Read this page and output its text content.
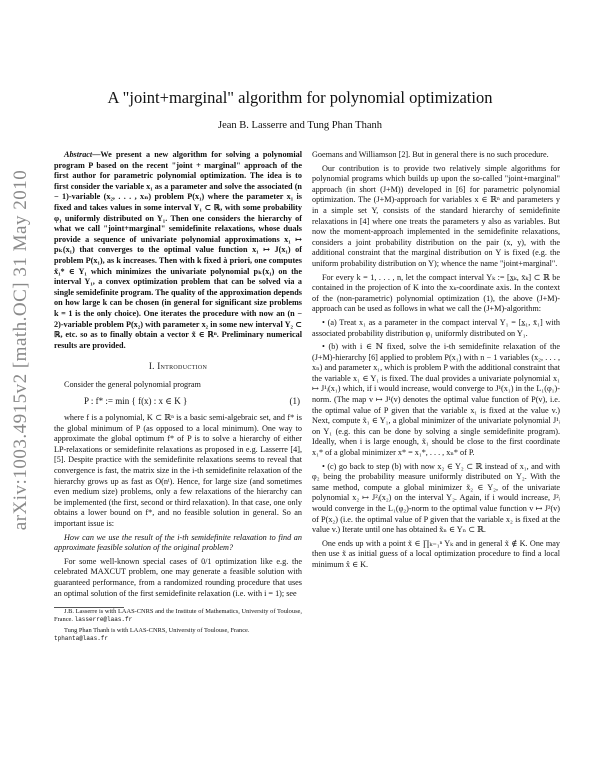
arXiv:1003.4915v2 [math.OC] 31 May 2010
A "joint+marginal" algorithm for polynomial optimization
Jean B. Lasserre and Tung Phan Thanh

Abstract—We present a new algorithm for solving a polynomial program P based on the recent "joint + marginal" approach of the first author for parametric polynomial optimization. The idea is to first consider the variable x₁ as a parameter and solve the associated (n − 1)-variable (x₂, . . . , xₙ) problem P(x₁) where the parameter x₁ is fixed and takes values in some interval Y₁ ⊂ ℝ, with some probability φ₁ uniformly distributed on Y₁. Then one considers the hierarchy of what we call "joint+marginal" semidefinite relaxations, whose duals provide a sequence of univariate polynomial approximations x₁ ↦ pₖ(x₁) that converges to the optimal value function x₁ ↦ J(x₁) of problem P(x₁), as k increases. Then with k fixed à priori, one computes x̃₁* ∈ Y₁ which minimizes the univariate polynomial pₖ(x₁) on the interval Y₁, a convex optimization problem that can be solved via a single semidefinite program. The quality of the approximation depends on how large k can be chosen (in general for significant size problems k = 1 is the only choice). One iterates the procedure with now an (n − 2)-variable problem P(x₂) with parameter x₂ in some new interval Y₂ ⊂ ℝ, etc. so as to finally obtain a vector x̃ ∈ ℝⁿ. Preliminary numerical results are provided.

I. Introduction

Consider the general polynomial program

P : f* := min { f(x) : x ∈ K }	(1)

where f is a polynomial, K ⊂ ℝⁿ is a basic semi-algebraic set, and f* is the global minimum of P (as opposed to a local minimum). One way to approximate the global optimum f* of P is to solve a hierarchy of either LP-relaxations or semidefinite relaxations as proposed in e.g. Lasserre [4], [5]. Despite practice with the semidefinite relaxations seems to reveal that convergence is fast, the matrix size in the i-th semidefinite relaxation of the hierarchy grows up as fast as O(nⁱ). Hence, for large size (and sometimes even medium size) problems, only a few relaxations of the hierarchy can be implemented (the first, second or third relaxation). In that case, one only obtains a lower bound on f*, and no feasible solution in general. So an important issue is:

How can we use the result of the i-th semidefinite relaxation to find an approximate feasible solution of the original problem?

For some well-known special cases of 0/1 optimization like e.g. the celebrated MAXCUT problem, one may generate a feasible solution with guaranteed performance, from a randomized rounding procedure that uses an optimal solution of the first semidefinite relaxation (i.e. with i = 1); see

J.B. Lasserre is with LAAS-CNRS and the Institute of Mathematics, University of Toulouse, France. lasserre@laas.fr

Tung Phan Thanh is with LAAS-CNRS, University of Toulouse, France.
tphanta@laas.fr

Goemans and Williamson [2]. But in general there is no such procedure.

Our contribution is to provide two relatively simple algorithms for polynomial programs which builds up upon the so-called "joint+marginal" approach (in short (J+M)) developed in [6] for parametric polynomial optimization. The (J+M)-approach for variables x ∈ ℝⁿ and parameters y in a simple set Y, consists of the standard hierarchy of semidefinite relaxations in [4] where one treats the parameters y also as variables. But now the moment-approach implemented in the semidefinite relaxations, considers a joint probability distribution on the pair (x, y), with the additional constraint that the marginal distribution on Y is fixed (e.g. the uniform probability distribution on Y); whence the name "joint+marginal".

For every k = 1, . . . , n, let the compact interval Yₖ := [x̲ₖ, x̄ₖ] ⊂ ℝ be contained in the projection of K into the xₖ-coordinate axis. In the context of the (non-parametric) polynomial optimization (1), the above (J+M)-approach can be used as follows in what we call the (J+M)-algorithm:

• (a) Treat x₁ as a parameter in the compact interval Y₁ = [x̲₁, x̄₁] with associated probability distribution φ₁ uniformly distributed on Y₁.

• (b) with i ∈ ℕ fixed, solve the i-th semidefinite relaxation of the (J+M)-hierarchy [6] applied to problem P(x₁) with n − 1 variables (x₂, . . . , xₙ) and parameter x₁, which is problem P with the additional constraint that the variable x₁ ∈ Y₁ is fixed. The dual provides a univariate polynomial x₁ ↦ J¹ᵢ(x₁) which, if i would increase, would converge to J¹(x₁) in the L₁(φ₁)-norm. (The map v ↦ J¹(v) denotes the optimal value function of P(v), i.e. the optimal value of P given that the variable x₁ is fixed at the value v.) Next, compute x̃₁ ∈ Y₁, a global minimizer of the univariate polynomial J¹ᵢ on Y₁ (e.g. this can be done by solving a single semidefinite program). Ideally, when i is large enough, x̃₁ should be close to the first coordinate x₁* of a global minimizer x* = x₁*, . . . , xₙ* of P.

• (c) go back to step (b) with now x₂ ∈ Y₂ ⊂ ℝ instead of x₁, and with φ₂ being the probability measure uniformly distributed on Y₂. With the same method, compute a global minimizer x̃₂ ∈ Y₂, of the univariate polynomial x₂ ↦ J²ᵢ(x₂) on the interval Y₂. Again, if i would increase, J²ᵢ would converge in the L₁(φ₂)-norm to the optimal value function v ↦ J²(v) of P(x₂) (i.e. the optimal value of P given that the variable x₂ is fixed at the value v.) Iterate until one has obtained x̃ₙ ∈ Yₙ ⊂ ℝ.

One ends up with a point x̃ ∈ ∏ₖ₌₁ⁿ Yₖ and in general x̃ ∉ K. One may then use x̃ as initial guess of a local optimization procedure to find a local minimum x̂ ∈ K.
